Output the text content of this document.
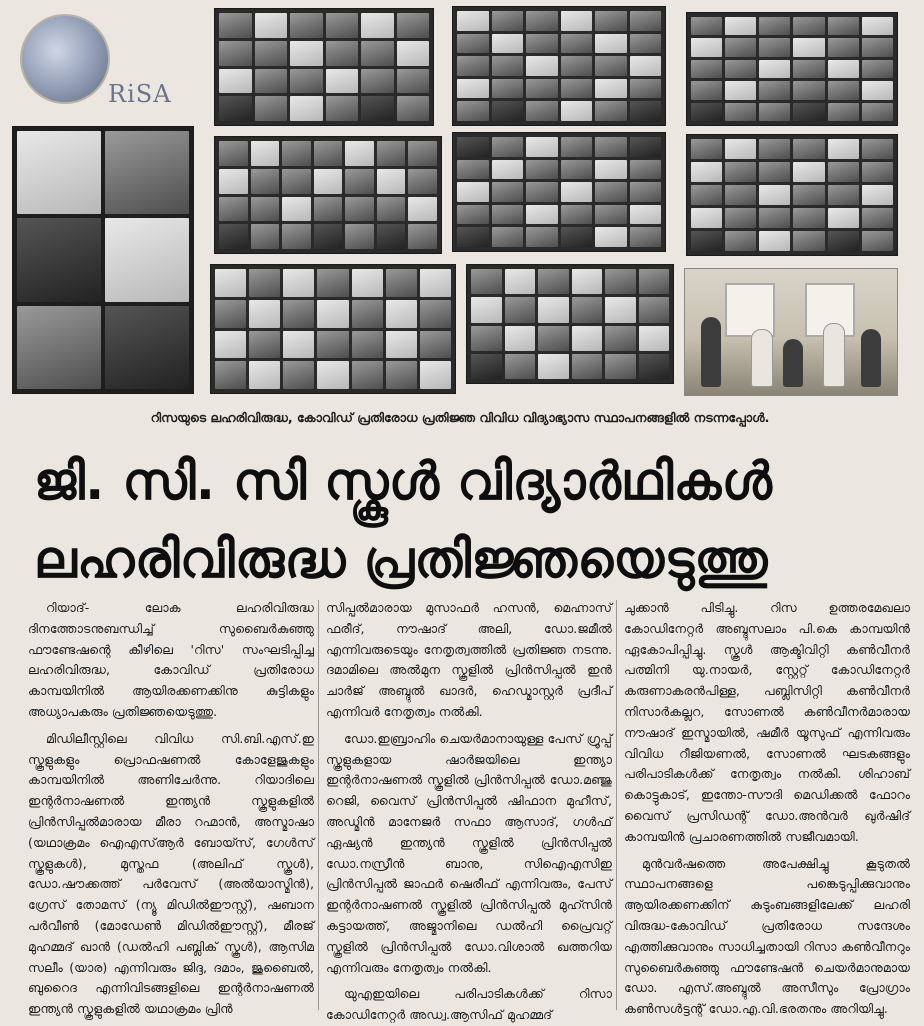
RiSA
റിസയുടെ ലഹരിവിരുദ്ധ, കോവിഡ് പ്രതിരോധ പ്രതിജ്ഞ വിവിധ വിദ്യാഭ്യാസ സ്ഥാപനങ്ങളിൽ നടന്നപ്പോൾ.
ജി. സി. സി സ്കൂൾ വിദ്യാർഥികൾ
ലഹരിവിരുദ്ധ പ്രതിജ്ഞയെടുത്തു

റിയാദ്- ലോക ലഹരിവിരുദ്ധ ദിനത്തോടനുബന്ധിച്ച് സുബൈർകുഞ്ഞു ഫൗണ്ടേഷന്റെ കീഴിലെ 'റിസ' സംഘടിപ്പിച്ച ലഹരിവിരുദ്ധ, കോവിഡ് പ്രതിരോധ കാമ്പയിനിൽ ആയിരക്കണക്കിനു കുട്ടികളും അധ്യാപകരും പ്രതിജ്ഞയെടുത്തു.

മിഡിലീസ്റ്റിലെ വിവിധ സി.ബി.എസ്.ഇ സ്കൂളുകളും പ്രൊഫഷണൽ കോളേജുകളും കാമ്പയിനിൽ അണിചേർന്നു. റിയാദിലെ ഇന്റർനാഷണൽ ഇന്ത്യൻ സ്കൂളുകളിൽ പ്രിൻസിപ്പൽമാരായ മീരാ റഹ്മാൻ, അസ്മാഷാ (യഥാക്രമം ഐഎസ്ആർ ബോയ്സ്, ഗേൾസ് സ്കൂളുകൾ), മുസ്തഫ (അലിഫ് സ്കൂൾ), ഡോ.ഷൗക്കത്ത് പർവേസ് (അൽയാസ്മിൻ), ഗ്രേസ് തോമസ് (ന്യൂ മിഡിൽഈസ്റ്റ്), ഷബാന പർവീൺ (മോഡേൺ മിഡിൽഈസ്റ്റ്), മീരജ് മുഹമ്മദ് ഖാൻ (ഡൽഹി പബ്ലിക് സ്കൂൾ), ആസിമ സലീം (യാര) എന്നിവരും ജിദ്ദ, ദമാം, ജുബൈൽ, ബുറൈദ എന്നിവിടങ്ങളിലെ ഇന്റർനാഷണൽ ഇന്ത്യൻ സ്കൂളുകളിൽ യഥാക്രമം പ്രിൻ

സിപ്പൽമാരായ മുസാഫർ ഹസൻ, മെഹ്നാസ് ഫരീദ്, നൗഷാദ് അലി, ഡോ.ജമീൽ എന്നിവരുടെയും നേതൃത്വത്തിൽ പ്രതിജ്ഞ നടന്നു. ദമാമിലെ അൽമുന സ്കൂളിൽ പ്രിൻസിപ്പൽ ഇൻ ചാർജ് അബ്ദുൽ ഖാദർ, ഹെഡ്മാസ്റ്റർ പ്രദീപ് എന്നിവർ നേതൃത്വം നൽകി.

ഡോ.ഇബ്രാഹിം ചെയർമാനായുള്ള പേസ് ഗ്രൂപ്പ് സ്കൂളുകളായ ഷാർജയിലെ ഇന്ത്യാ ഇന്റർനാഷണൽ സ്കൂളിൽ പ്രിൻസിപ്പൽ ഡോ.മഞ്ജു റെജി, വൈസ് പ്രിൻസിപ്പൽ ഷിഫാന മുഹീസ്, അഡ്മിൻ മാനേജർ സഫാ ആസാദ്, ഗൾഫ് ഏഷ്യൻ ഇന്ത്യൻ സ്കൂളിൽ പ്രിൻസിപ്പൽ ഡോ.നസ്രീൻ ബാനു, സിഐഎസിഇ പ്രിൻസിപ്പൽ ജാഫർ ഷെരീഫ് എന്നിവരും, പേസ് ഇന്റർനാഷണൽ സ്കൂളിൽ പ്രിൻസിപ്പൽ മുഹ്സിൻ കട്ടായത്ത്, അജ്മാനിലെ ഡൽഹി പ്രൈവറ്റ് സ്കൂളിൽ പ്രിൻസിപ്പൽ ഡോ.വിശാൽ ഖത്തറിയ എന്നിവരും നേതൃത്വം നൽകി.

യുഎഇയിലെ പരിപാടികൾക്ക് റിസാ കോഡിനേറ്റർ അഡ്വ.ആസിഫ് മുഹമ്മദ്

ചുക്കാൻ പിടിച്ചു. റിസ ഉത്തരമേഖലാ കോഡിനേറ്റർ അബ്ദുസലാം പി.കെ കാമ്പയിൻ ഏകോപിപ്പിച്ചു. സ്കൂൾ ആക്ടിവിറ്റി കൺവീനർ പത്മിനി യു.നായർ, സ്റ്റേറ്റ് കോഡിനേറ്റർ കരുണാകരൻപിള്ള, പബ്ലിസിറ്റി കൺവീനർ നിസാർകല്ലറ, സോണൽ കൺവീനർമാരായ നൗഷാദ് ഇസ്മായിൽ, ഷമീർ യൂസുഫ് എന്നിവരും വിവിധ റീജിയണൽ, സോണൽ ഘടകങ്ങളും പരിപാടികൾക്ക് നേതൃത്വം നൽകി. ശിഹാബ് കൊട്ടുകാട്, ഇന്തോ-സൗദി മെഡിക്കൽ ഫോറം വൈസ് പ്രസിഡന്റ് ഡോ.അൻവർ ഖുർഷിദ് കാമ്പയിൻ പ്രചാരണത്തിൽ സജീവമായി.

മുൻവർഷത്തെ അപേക്ഷിച്ചു കൂടുതൽ സ്ഥാപനങ്ങളെ പങ്കെടുപ്പിക്കുവാനും ആയിരക്കണക്കിന് കുടുംബങ്ങളിലേക്ക് ലഹരി വിരുദ്ധ-കോവിഡ് പ്രതിരോധ സന്ദേശം എത്തിക്കുവാനും സാധിച്ചതായി റിസാ കൺവീനറും സുബൈർകുഞ്ഞു ഫൗണ്ടേഷൻ ചെയർമാനുമായ ഡോ. എസ്.അബ്ദുൽ അസീസും പ്രോഗ്രാം കൺസൾട്ടന്റ് ഡോ.എ.വി.ഭരതനും അറിയിച്ചു.
